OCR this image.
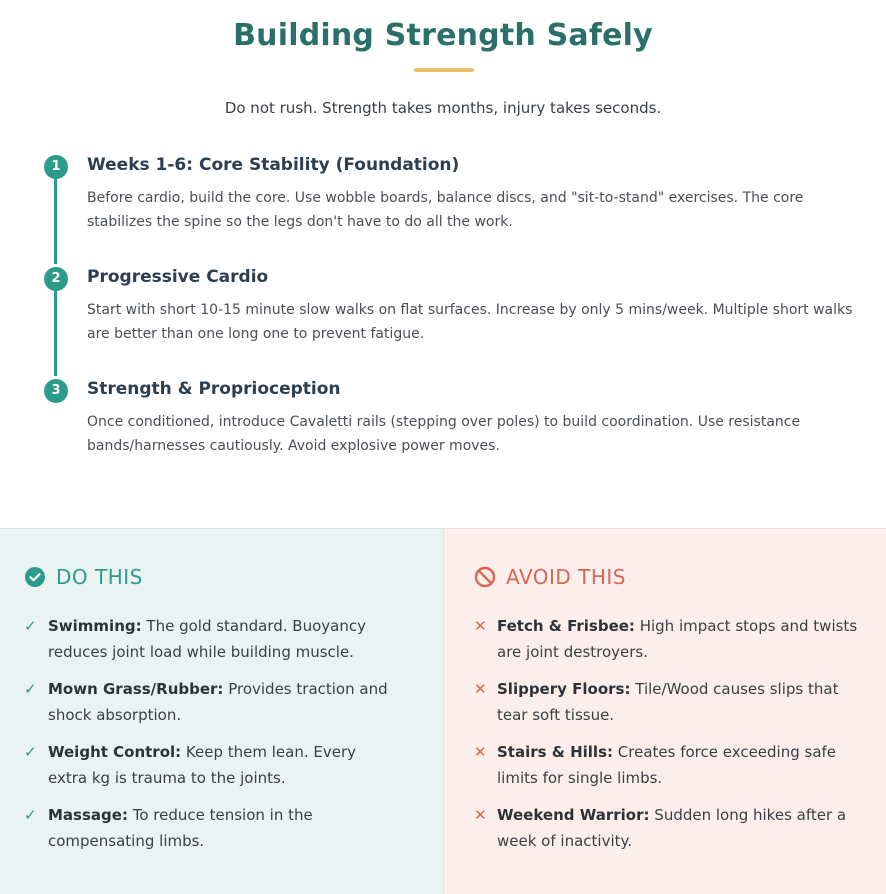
Building Strength Safely
Do not rush. Strength takes months, injury takes seconds.
1	Weeks 1-6: Core Stability (Foundation)
Before cardio, build the core. Use wobble boards, balance discs, and "sit-to-stand" exercises. The core stabilizes the spine so the legs don't have to do all the work.
2	Progressive Cardio
Start with short 10-15 minute slow walks on flat surfaces. Increase by only 5 mins/week. Multiple short walks are better than one long one to prevent fatigue.
3	Strength & Proprioception
Once conditioned, introduce Cavaletti rails (stepping over poles) to build coordination. Use resistance bands/harnesses cautiously. Avoid explosive power moves.
DO THIS
✓ Swimming: The gold standard. Buoyancy reduces joint load while building muscle.
✓ Mown Grass/Rubber: Provides traction and shock absorption.
✓ Weight Control: Keep them lean. Every extra kg is trauma to the joints.
✓ Massage: To reduce tension in the compensating limbs.
AVOID THIS
✕ Fetch & Frisbee: High impact stops and twists are joint destroyers.
✕ Slippery Floors: Tile/Wood causes slips that tear soft tissue.
✕ Stairs & Hills: Creates force exceeding safe limits for single limbs.
✕ Weekend Warrior: Sudden long hikes after a week of inactivity.
